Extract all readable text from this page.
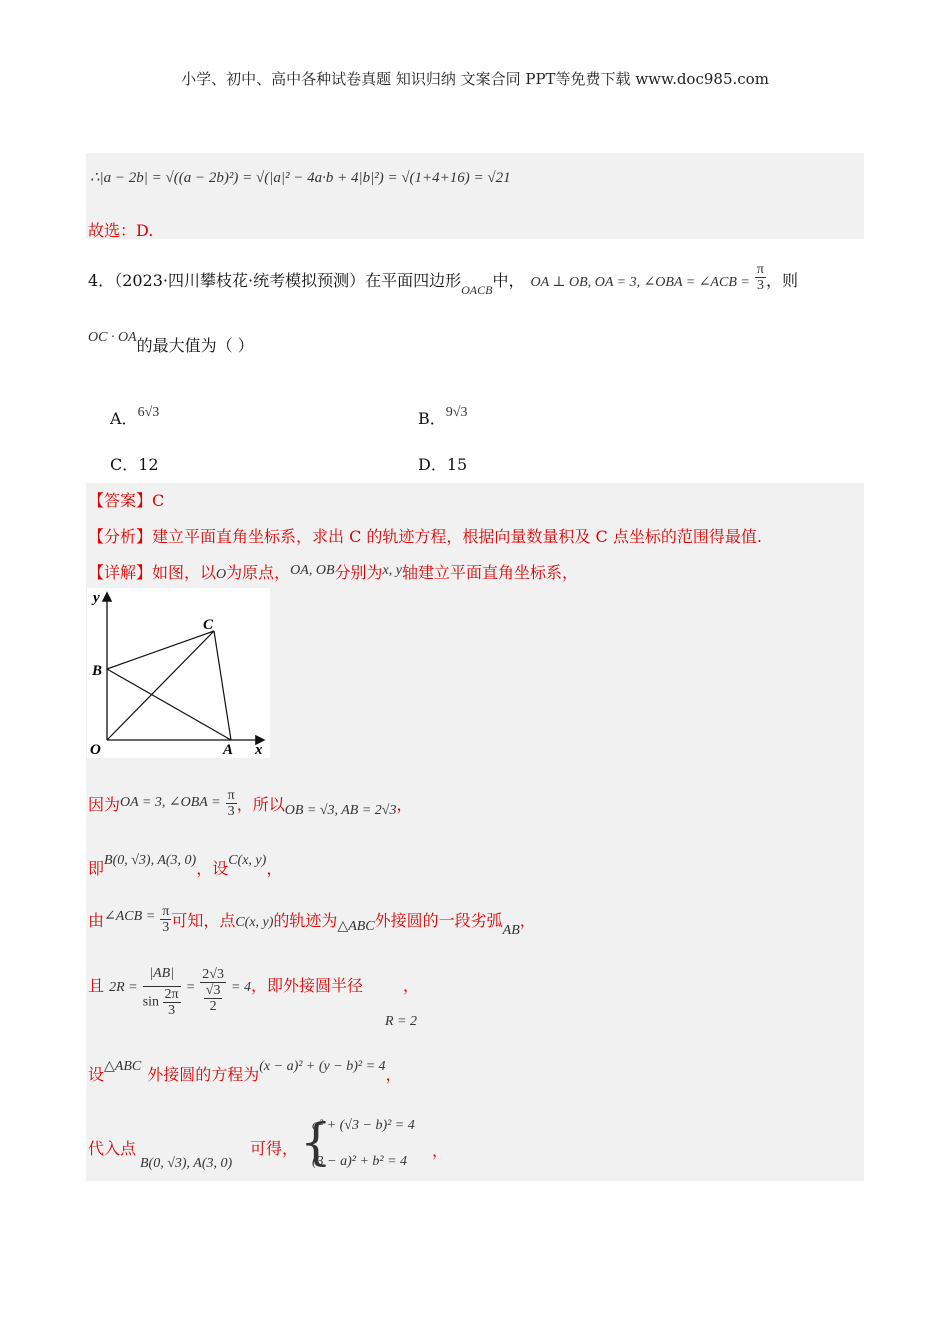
小学、初中、高中各种试卷真题 知识归纳 文案合同 PPT等免费下载 www.doc985.com
∴|a − 2b| = √((a − 2b)²) = √(|a|² − 4a·b + 4|b|²) = √(1+4+16) = √21
故选：D.
4．（2023·四川攀枝花·统考模拟预测）在平面四边形$_{OACB}$中， OA ⊥ OB, OA = 3, ∠OBA = ∠ACB = $\frac{\pi}{3}$ ，则
OC · OA的最大值为（ ）
A．6√3	B．9√3
C．12	D．15
【答案】C
【分析】建立平面直角坐标系，求出 C 的轨迹方程，根据向量数量积及 C 点坐标的范围得最值.
【详解】如图，以O为原点，OA, OB分别为x, y轴建立平面直角坐标系，
y
x
O	A
B
C
因为OA = 3, ∠OBA = $\frac{\pi}{3}$ ，所以OB = √3, AB = 2√3，
即B(0, √3), A(3, 0)，设C(x, y)，
由∠ACB = $\frac{\pi}{3}$ 可知，点C(x, y)的轨迹为△ABC外接圆的一段劣弧AB，
且 $2R = \frac{|AB|}{\sin \frac{2\pi}{3}} = \frac{2√3}{\frac{√3}{2}} = 4$，即外接圆半径	，
R = 2
设△ABC 外接圆的方程为(x − a)² + (y − b)² = 4，
代入点
B(0, √3), A(3, 0)
可得， {
a² + (√3 − b)² = 4
(3 − a)² + b² = 4
，
